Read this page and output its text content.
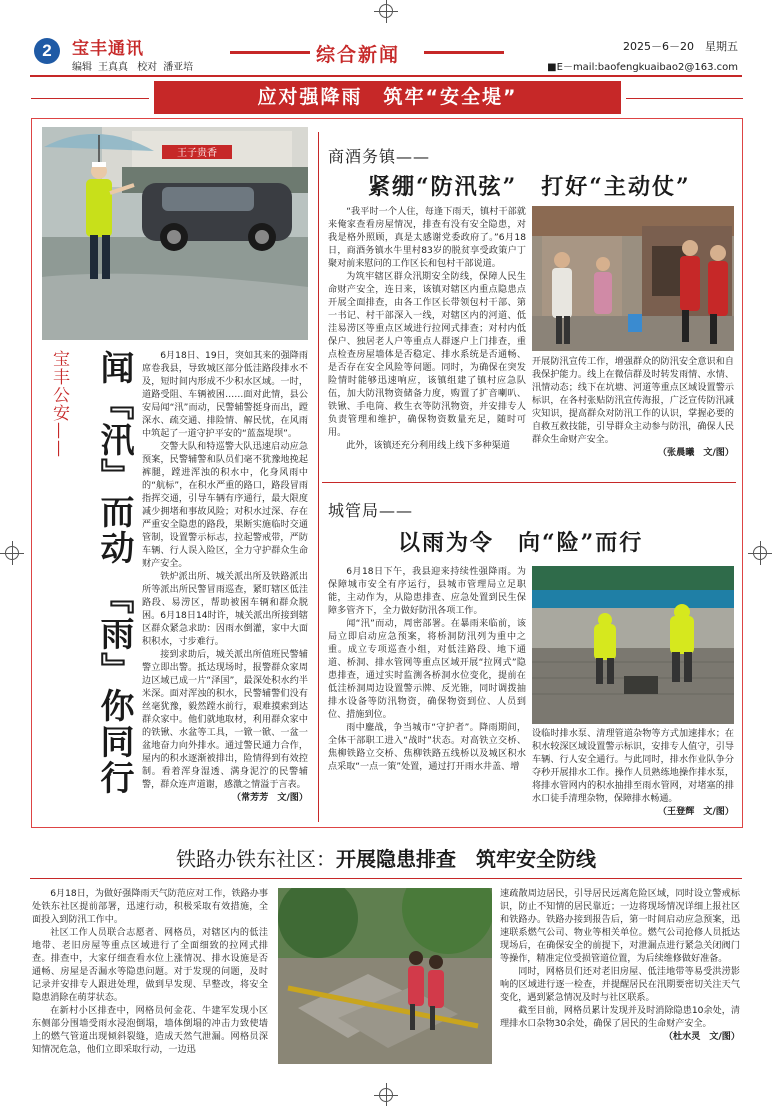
2	宝丰通讯
编辑 王真真 校对 潘亚培
综合新闻	2025－6－20　 星期五
■E－mail:baofengkuaibao2@163.com
应对强降雨　筑牢“安全堤”
王子贵香
宝丰公安—— 闻『汛』而动 『雨』你同行	6月18日、19日，突如其来的强降雨席卷我县，导致城区部分低洼路段排水不及，短时间内形成不少积水区域。一时，道路受阻、车辆被困……面对此情，县公安局闻“汛”而动，民警辅警挺身而出，蹚深水、疏交通、排险情、解民忧，在风雨中筑起了一道守护平安的“蓝盔堤坝”。

交警大队和特巡警大队迅速启动应急预案，民警辅警和队员们毫不犹豫地挽起裤腿，蹚进浑浊的积水中，化身风雨中的“航标”，在积水严重的路口，路段冒雨指挥交通，引导车辆有序通行，最大限度减少拥堵和事故风险；对积水过深、存在严重安全隐患的路段，果断实施临时交通管制，设置警示标志，拉起警戒带，严防车辆、行人误入险区，全力守护群众生命财产安全。

铁炉派出所、城关派出所及铁路派出所等派出所民警冒雨巡查，紧盯辖区低洼路段、易涝区，帮助被困车辆和群众脱困。6月18日14时许，城关派出所接到辖区群众紧急求助：因雨水倒灌，家中大面积积水，寸步难行。

接到求助后，城关派出所值班民警辅警立即出警。抵达现场时，报警群众家周边区域已成一片“泽国”，最深处积水约半米深。面对浑浊的积水，民警辅警们没有丝毫犹豫，毅然蹚水前行，艰难摸索到达群众家中。他们就地取材，利用群众家中的铁锹、水盆等工具，一锨一锨、一盆一盆地奋力向外排水。通过警民通力合作，屋内的积水逐渐被排出，险情得到有效控制。看着浑身湿透、满身泥泞的民警辅警，群众连声道谢，感激之情溢于言表。

（常芳芳　文/图）
商酒务镇——
紧绷“防汛弦”　打好“主动仗”

“我平时一个人住，每逢下雨天，镇村干部就来俺家查看房屋情况，排查有没有安全隐患，对我是格外照顾，真是太感谢党委政府了。”6月18日，商酒务镇水牛里村83岁的脱贫享受政策户丁聚对前来慰问的工作区长和包村干部说道。

为筑牢辖区群众汛期安全防线，保障人民生命财产安全，连日来，该镇对辖区内重点隐患点开展全面排查，由各工作区长带领包村干部、第一书记、村干部深入一线，对辖区内的河道、低洼易涝区等重点区域进行拉网式排查；对村内低保户、独居老人户等重点人群逐户上门排查，重点检查房屋墙体是否稳定、排水系统是否通畅、是否存在安全风险等问题。同时，为确保在突发险情时能够迅速响应，该镇组建了镇村应急队伍，加大防汛物资储备力度，购置了扩音喇叭、铁锹、手电筒、救生衣等防汛物资，并安排专人负责管理和维护，确保物资数量充足，随时可用。

此外，该镇还充分利用线上线下多种渠道

开展防汛宣传工作，增强群众的防汛安全意识和自我保护能力。线上在微信群及时转发雨情、水情、汛情动态；线下在坑塘、河道等重点区域设置警示标识，在各村张贴防汛宣传海报，广泛宣传防汛减灾知识，提高群众对防汛工作的认识，掌握必要的自救互救技能，引导群众主动参与防汛，确保人民群众生命财产安全。

（张晨曦　文/图）
城管局——
以雨为令　向“险”而行

6月18日下午，我县迎来持续性强降雨。为保障城市安全有序运行，县城市管理局立足职能，主动作为，从隐患排查、应急处置到民生保障多管齐下，全力做好防汛各项工作。

闻“汛”而动，周密部署。在暴雨来临前，该局立即启动应急预案，将桥洞防汛列为重中之重。成立专项巡查小组，对低洼路段、地下通道、桥洞、排水管网等重点区域开展“拉网式”隐患排查，通过实时监测各桥洞水位变化，提前在低洼桥洞周边设置警示牌、反光锥，同时调拨抽排水设备等防汛物资，确保物资到位、人员到位、措施到位。

雨中鏖战，争当城市“守护者”。降雨期间，全体干部职工进入“战时”状态。对高铁立交桥、焦柳铁路立交桥、焦柳铁路五线桥以及城区积水点采取“一点一策”处置，通过打开雨水井盖、增

设临时排水泵、清理管道杂物等方式加速排水；在积水较深区域设置警示标识，安排专人值守，引导车辆、行人安全通行。与此同时，排水作业队争分夺秒开展排水工作。操作人员熟练地操作排水泵，将排水管网内的积水抽排至雨水管网，对堵塞的排水口徒手清理杂物，保障排水畅通。

（王登辉　文/图）
铁路办铁东社区：开展隐患排查　筑牢安全防线

6月18日，为做好强降雨天气防范应对工作，铁路办事处铁东社区提前部署，迅速行动，积极采取有效措施，全面投入到防汛工作中。

社区工作人员联合志愿者、网格员，对辖区内的低洼地带、老旧房屋等重点区域进行了全面细致的拉网式排查。排查中，大家仔细查看水位上涨情况、排水设施是否通畅、房屋是否漏水等隐患问题。对于发现的问题，及时记录并安排专人跟进处理，做到早发现、早整改，将安全隐患消除在萌芽状态。

在新村小区排查中，网格员何金花、牛建军发现小区东侧部分围墙受雨水浸泡倒塌，墙体倒塌的冲击力致使墙上的燃气管道出现倾斜裂缝，造成天然气泄漏。网格员深知情况危急，他们立即采取行动，一边迅

速疏散周边居民，引导居民远离危险区域，同时设立警戒标识，防止不知情的居民靠近；一边将现场情况详细上报社区和铁路办。铁路办接到报告后，第一时间启动应急预案，迅速联系燃气公司、物业等相关单位。燃气公司抢修人员抵达现场后，在确保安全的前提下，对泄漏点进行紧急关闭阀门等操作，精准定位受损管道位置，为后续维修做好准备。

同时，网格员们还对老旧房屋、低洼地带等易受洪涝影响的区域进行逐一检查，并提醒居民在汛期要密切关注天气变化，遇到紧急情况及时与社区联系。

截至目前，网格员累计发现并及时消除隐患10余处，清理排水口杂物30余处，确保了居民的生命财产安全。

（杜水灵　文/图）
